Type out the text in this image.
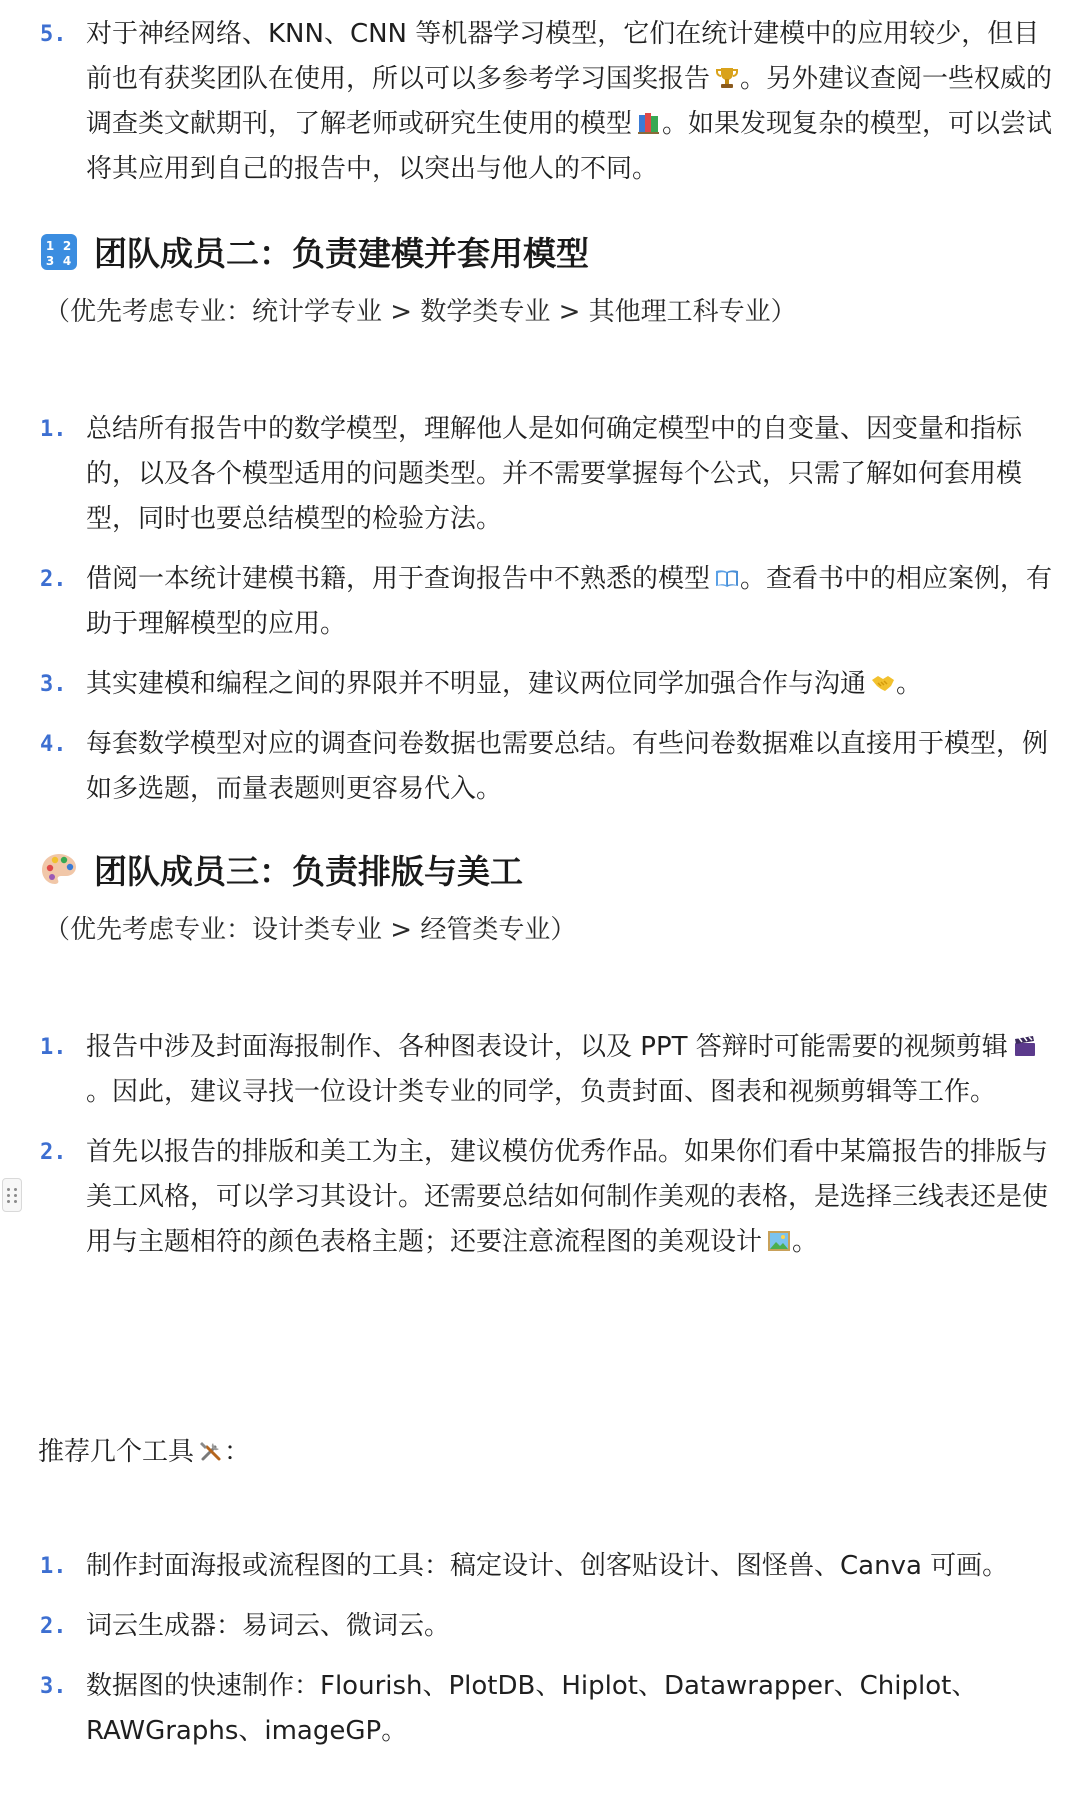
5. 对于神经网络、KNN、CNN 等机器学习模型，它们在统计建模中的应用较少，但目前也有获奖团队在使用，所以可以多参考学习国奖报告 。另外建议查阅一些权威的调查类文献期刊，了解老师或研究生使用的模型 。如果发现复杂的模型，可以尝试将其应用到自己的报告中，以突出与他人的不同。

1 2
3 4 团队成员二：负责建模并套用模型
（优先考虑专业：统计学专业 > 数学类专业 > 其他理工科专业）

1. 总结所有报告中的数学模型，理解他人是如何确定模型中的自变量、因变量和指标的，以及各个模型适用的问题类型。并不需要掌握每个公式，只需了解如何套用模型，同时也要总结模型的检验方法。

2. 借阅一本统计建模书籍，用于查询报告中不熟悉的模型 。查看书中的相应案例，有助于理解模型的应用。

3. 其实建模和编程之间的界限并不明显，建议两位同学加强合作与沟通 。

4. 每套数学模型对应的调查问卷数据也需要总结。有些问卷数据难以直接用于模型，例如多选题，而量表题则更容易代入。

团队成员三：负责排版与美工
（优先考虑专业：设计类专业 > 经管类专业）

1. 报告中涉及封面海报制作、各种图表设计，以及 PPT 答辩时可能需要的视频剪辑。因此，建议寻找一位设计类专业的同学，负责封面、图表和视频剪辑等工作。

2. 首先以报告的排版和美工为主，建议模仿优秀作品。如果你们看中某篇报告的排版与美工风格，可以学习其设计。还需要总结如何制作美观的表格，是选择三线表还是使用与主题相符的颜色表格主题；还要注意流程图的美观设计 。

推荐几个工具 ：

1. 制作封面海报或流程图的工具：稿定设计、创客贴设计、图怪兽、Canva 可画。

2. 词云生成器：易词云、微词云。

3. 数据图的快速制作：Flourish、PlotDB、Hiplot、Datawrapper、Chiplot、RAWGraphs、imageGP。
